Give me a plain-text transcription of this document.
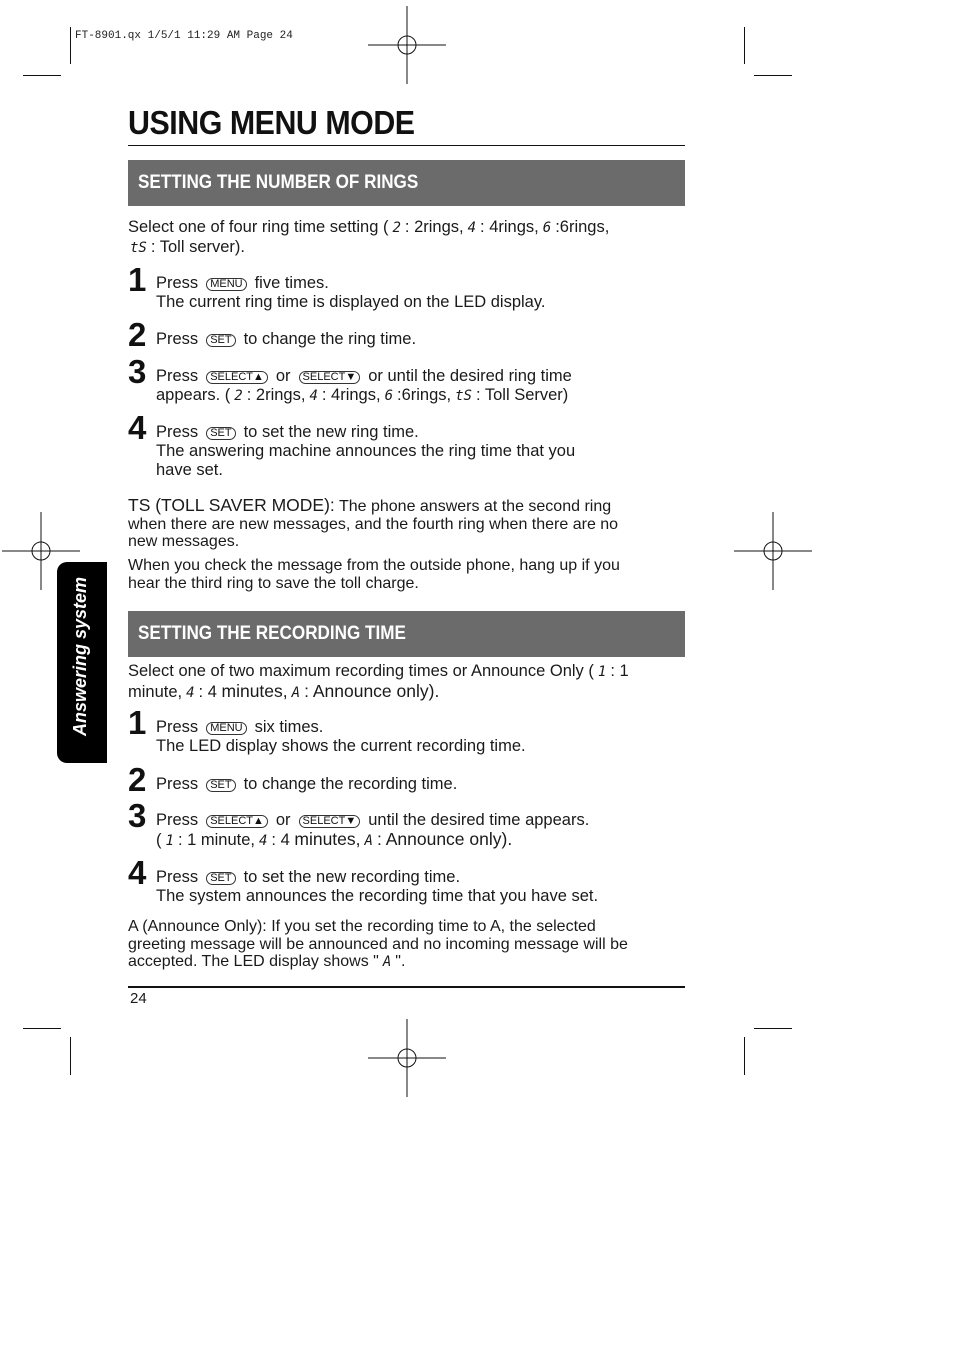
FT-8901.qx 1/5/1 11:29 AM Page 24
USING MENU MODE
Answering system
SETTING THE NUMBER OF RINGS
Select one of four ring time setting ( 2 : 2rings, 4 : 4rings, 6 :6rings,
tS : Toll server).
1 Press MENU five times.
The current ring time is displayed on the LED display.
2 Press SET to change the ring time.
3 Press SELECT▲ or SELECT▼ or until the desired ring time
appears. ( 2 : 2rings, 4 : 4rings, 6 :6rings, tS : Toll Server)
4 Press SET to set the new ring time.
The answering machine announces the ring time that you
have set.
TS (TOLL SAVER MODE): The phone answers at the second ring
when there are new messages, and the fourth ring when there are no
new messages.
When you check the message from the outside phone, hang up if you
hear the third ring to save the toll charge.
SETTING THE RECORDING TIME
Select one of two maximum recording times or Announce Only ( 1 : 1
minute, 4 : 4 minutes, A : Announce only).
1 Press MENU six times.
The LED display shows the current recording time.
2 Press SET to change the recording time.
3 Press SELECT▲ or SELECT▼ until the desired time appears.
( 1 : 1 minute, 4 : 4 minutes, A : Announce only).
4 Press SET to set the new recording time.
The system announces the recording time that you have set.
A (Announce Only): If you set the recording time to A, the selected
greeting message will be announced and no incoming message will be
accepted. The LED display shows " A ".
24
